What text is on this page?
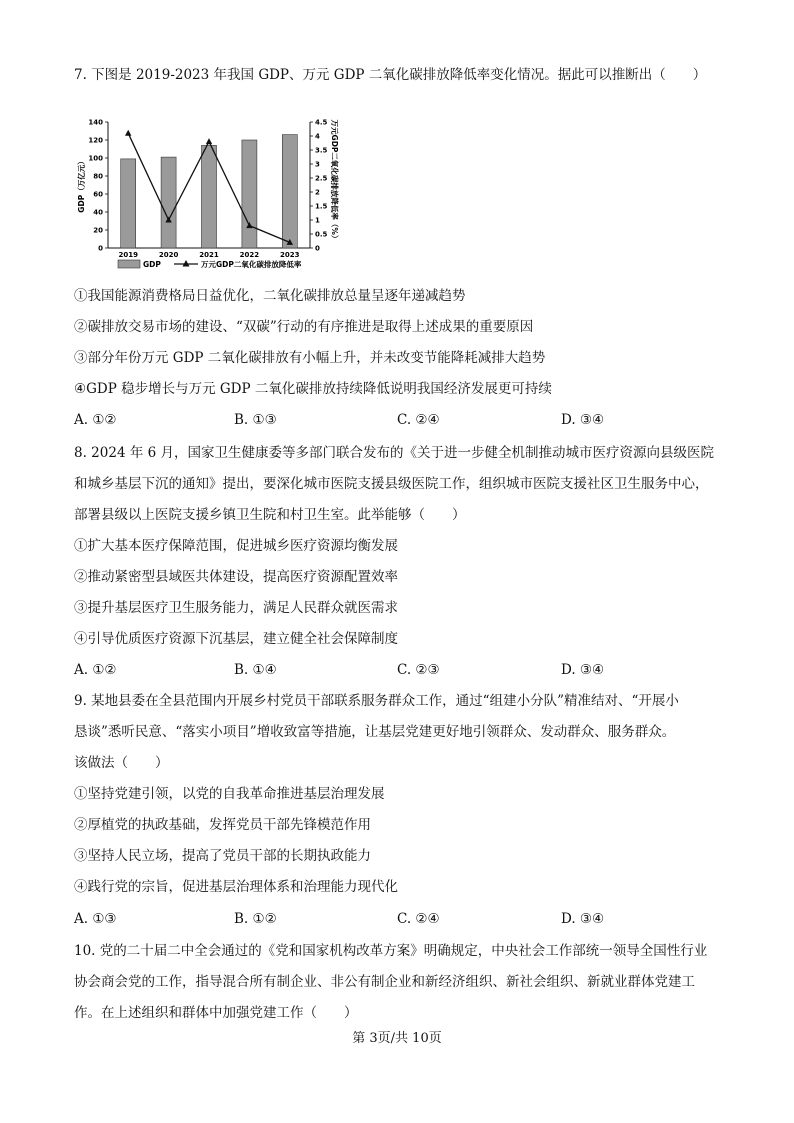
7. 下图是 2019-2023 年我国 GDP、万元 GDP 二氧化碳排放降低率变化情况。据此可以推断出（　　）
0
20
40
60
80
100
120
140
0
0.5
1
1.5
2
2.5
3
3.5
4
4.5
2019	2020	2021	2022	2023
GDP（万亿元）	万元GDP二氧化碳排放降低率（%）
GDP	万元GDP二氧化碳排放降低率
①我国能源消费格局日益优化，二氧化碳排放总量呈逐年递减趋势
②碳排放交易市场的建设、“双碳”行动的有序推进是取得上述成果的重要原因
③部分年份万元 GDP 二氧化碳排放有小幅上升，并未改变节能降耗减排大趋势
④GDP 稳步增长与万元 GDP 二氧化碳排放持续降低说明我国经济发展更可持续
A. ①②	B. ①③	C. ②④	D. ③④
8. 2024 年 6 月，国家卫生健康委等多部门联合发布的《关于进一步健全机制推动城市医疗资源向县级医院
和城乡基层下沉的通知》提出，要深化城市医院支援县级医院工作，组织城市医院支援社区卫生服务中心，
部署县级以上医院支援乡镇卫生院和村卫生室。此举能够（　　）
①扩大基本医疗保障范围，促进城乡医疗资源均衡发展
②推动紧密型县域医共体建设，提高医疗资源配置效率
③提升基层医疗卫生服务能力，满足人民群众就医需求
④引导优质医疗资源下沉基层，建立健全社会保障制度
A. ①②	B. ①④	C. ②③	D. ③④
9. 某地县委在全县范围内开展乡村党员干部联系服务群众工作，通过“组建小分队”精准结对、“开展小
恳谈”悉听民意、“落实小项目”增收致富等措施，让基层党建更好地引领群众、发动群众、服务群众。
该做法（　　）
①坚持党建引领，以党的自我革命推进基层治理发展
②厚植党的执政基础，发挥党员干部先锋模范作用
③坚持人民立场，提高了党员干部的长期执政能力
④践行党的宗旨，促进基层治理体系和治理能力现代化
A. ①③	B. ①②	C. ②④	D. ③④
10. 党的二十届二中全会通过的《党和国家机构改革方案》明确规定，中央社会工作部统一领导全国性行业
协会商会党的工作，指导混合所有制企业、非公有制企业和新经济组织、新社会组织、新就业群体党建工
作。在上述组织和群体中加强党建工作（　　）
第 3页/共 10页
